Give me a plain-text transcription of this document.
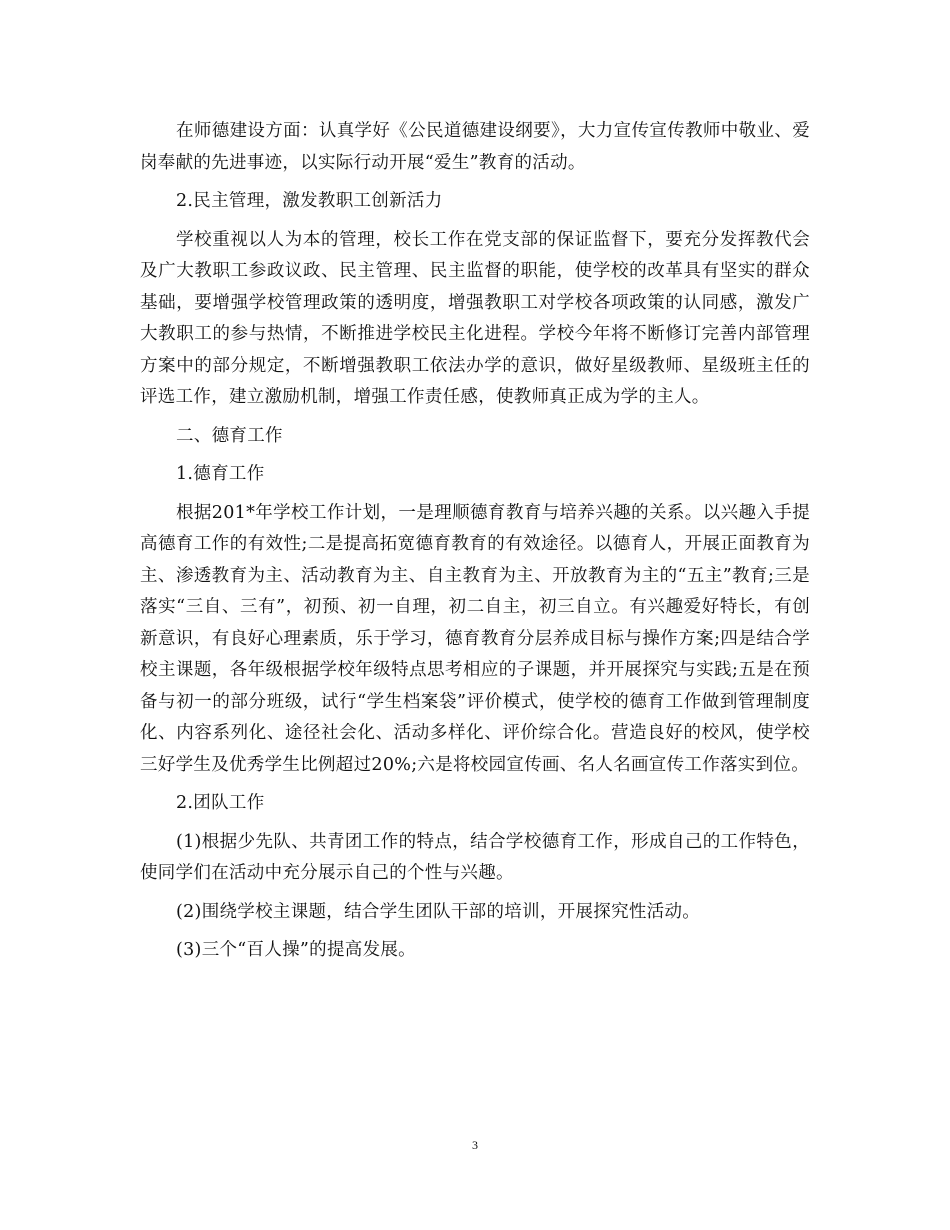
在师德建设方面：认真学好《公民道德建设纲要》，大力宣传宣传教师中敬业、爱岗奉献的先进事迹，以实际行动开展“爱生”教育的活动。

2.民主管理，激发教职工创新活力

学校重视以人为本的管理，校长工作在党支部的保证监督下，要充分发挥教代会及广大教职工参政议政、民主管理、民主监督的职能，使学校的改革具有坚实的群众基础，要增强学校管理政策的透明度，增强教职工对学校各项政策的认同感，激发广大教职工的参与热情，不断推进学校民主化进程。学校今年将不断修订完善内部管理方案中的部分规定，不断增强教职工依法办学的意识，做好星级教师、星级班主任的评选工作，建立激励机制，增强工作责任感，使教师真正成为学的主人。

二、德育工作

1.德育工作

根据201*年学校工作计划，一是理顺德育教育与培养兴趣的关系。以兴趣入手提高德育工作的有效性;二是提高拓宽德育教育的有效途径。以德育人，开展正面教育为主、渗透教育为主、活动教育为主、自主教育为主、开放教育为主的“五主”教育;三是落实“三自、三有”，初预、初一自理，初二自主，初三自立。有兴趣爱好特长，有创新意识，有良好心理素质，乐于学习，德育教育分层养成目标与操作方案;四是结合学校主课题，各年级根据学校年级特点思考相应的子课题，并开展探究与实践;五是在预备与初一的部分班级，试行“学生档案袋”评价模式，使学校的德育工作做到管理制度化、内容系列化、途径社会化、活动多样化、评价综合化。营造良好的校风，使学校三好学生及优秀学生比例超过20%;六是将校园宣传画、名人名画宣传工作落实到位。

2.团队工作

(1)根据少先队、共青团工作的特点，结合学校德育工作，形成自己的工作特色，使同学们在活动中充分展示自己的个性与兴趣。

(2)围绕学校主课题，结合学生团队干部的培训，开展探究性活动。

(3)三个“百人操”的提高发展。

3
